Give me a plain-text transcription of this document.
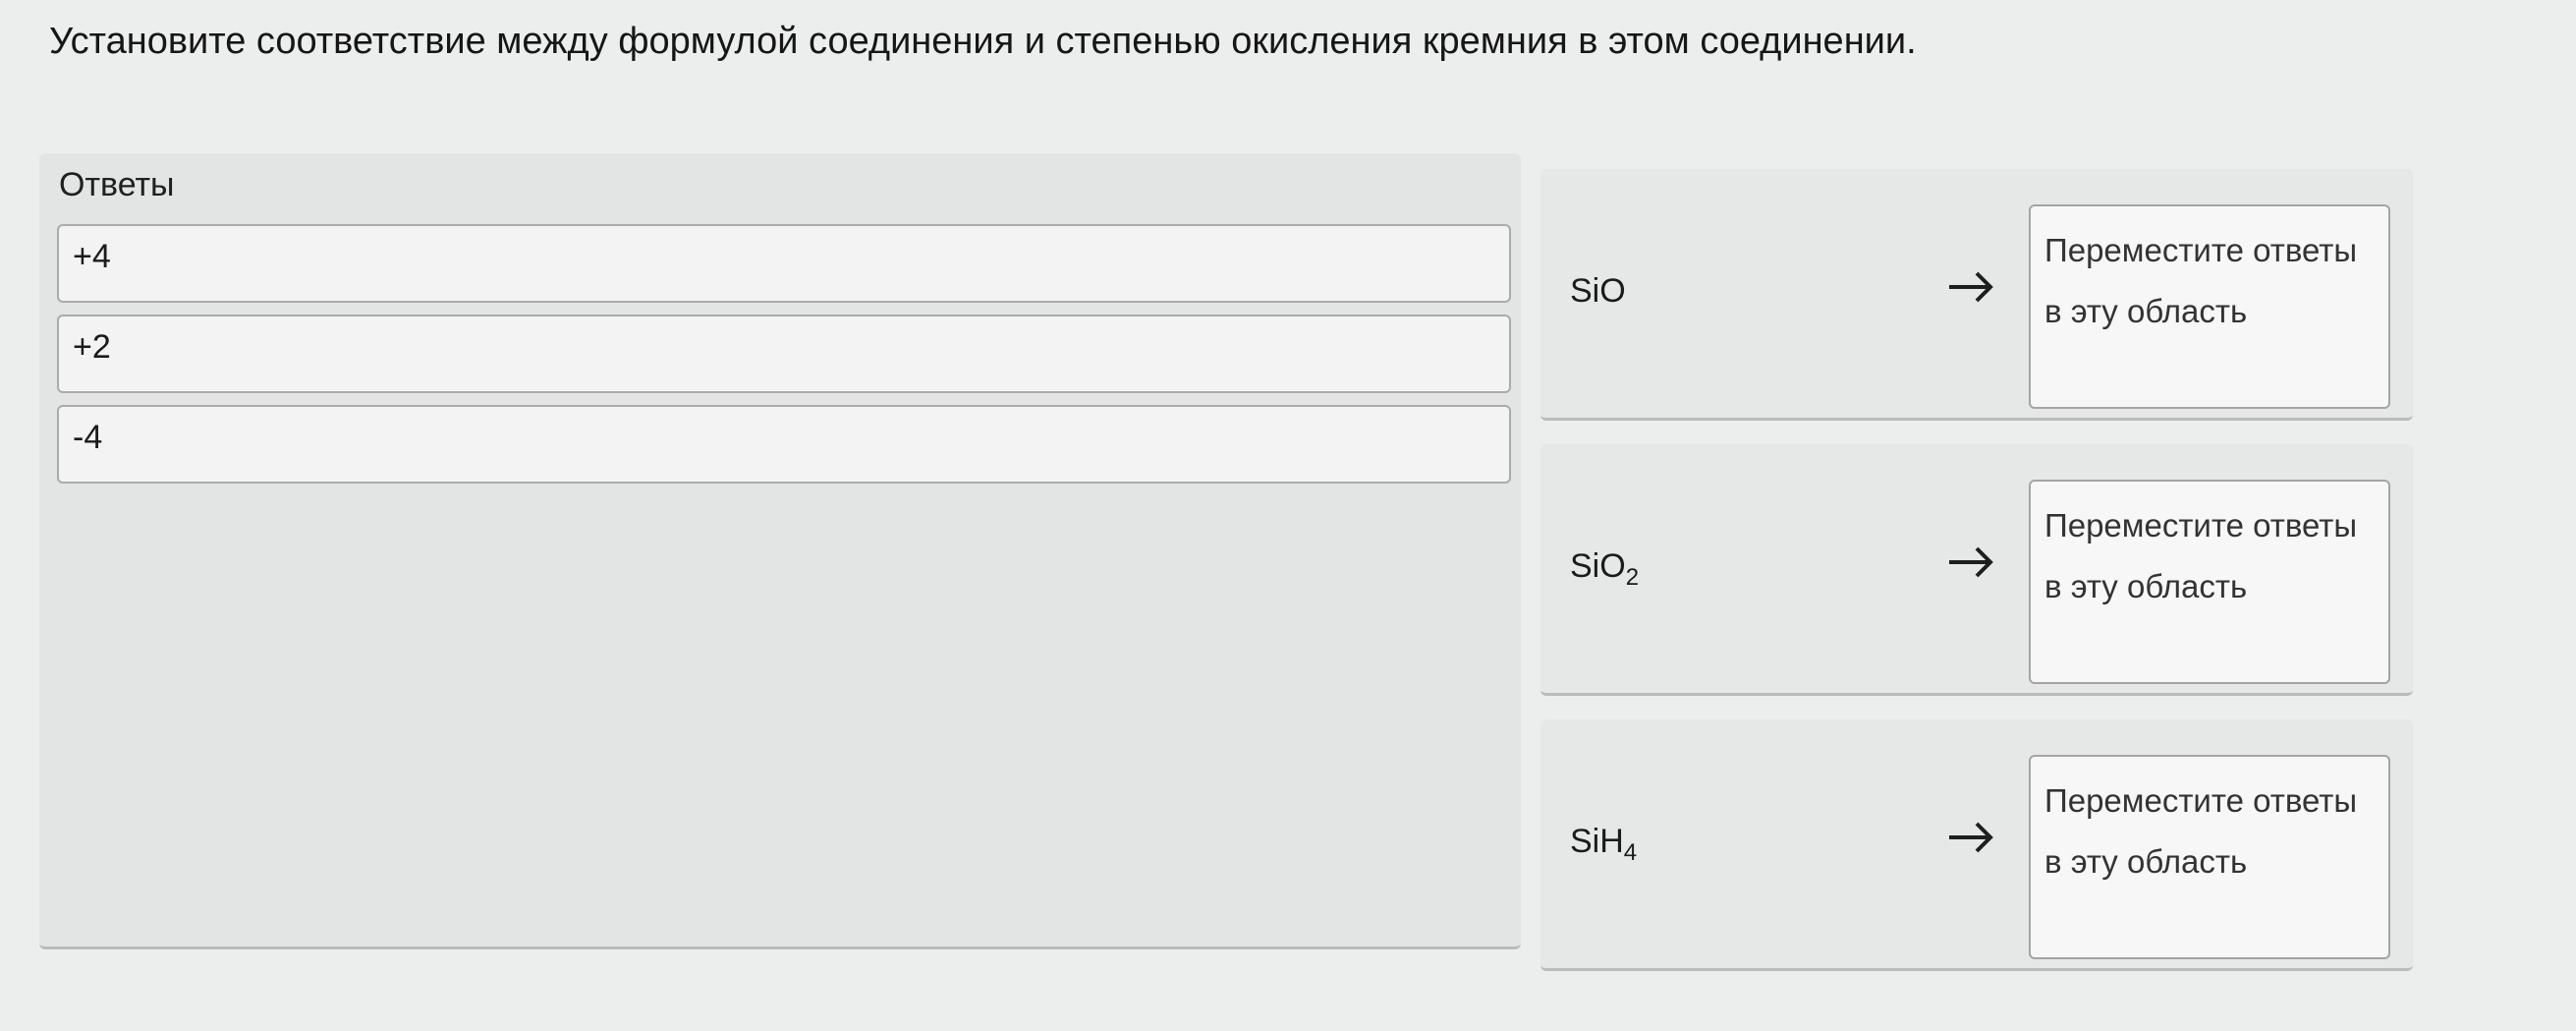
Установите соответствие между формулой соединения и степенью окисления кремния в этом соединении.
Ответы
+4
+2
-4
SiO
Переместите ответы в эту область
SiO$_2$
Переместите ответы в эту область
SiH$_4$
Переместите ответы в эту область
